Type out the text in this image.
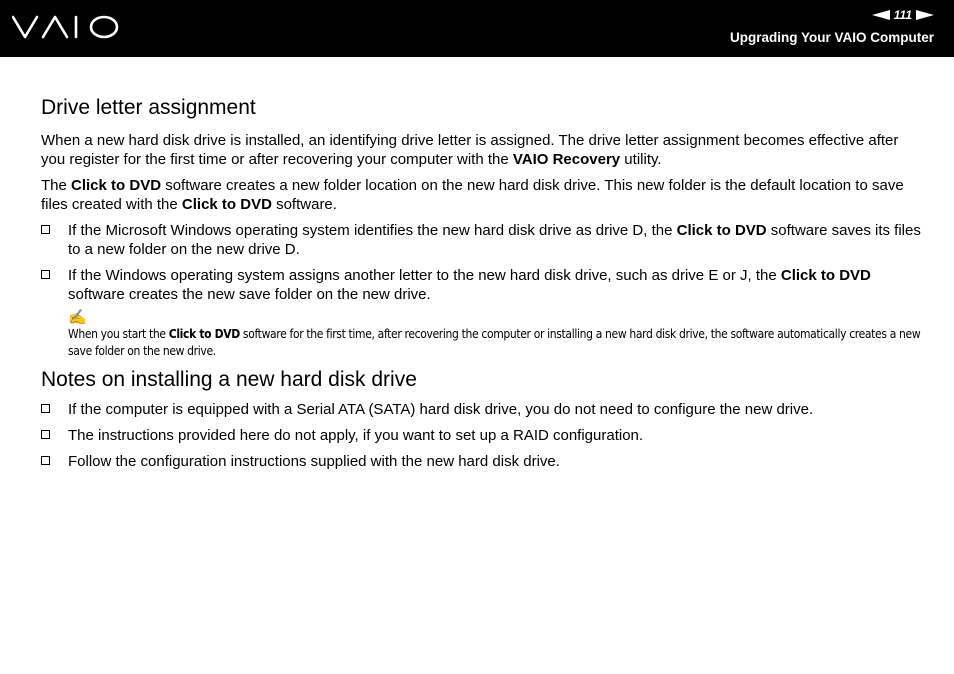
111
Upgrading Your VAIO Computer
Drive letter assignment

When a new hard disk drive is installed, an identifying drive letter is assigned. The drive letter assignment becomes effective after you register for the first time or after recovering your computer with the VAIO Recovery utility.

The Click to DVD software creates a new folder location on the new hard disk drive. This new folder is the default location to save files created with the Click to DVD software.

If the Microsoft Windows operating system identifies the new hard disk drive as drive D, the Click to DVD software saves its files to a new folder on the new drive D.
If the Windows operating system assigns another letter to the new hard disk drive, such as drive E or J, the Click to DVD software creates the new save folder on the new drive.
✍
When you start the Click to DVD software for the first time, after recovering the computer or installing a new hard disk drive, the software automatically creates a new save folder on the new drive.
Notes on installing a new hard disk drive
If the computer is equipped with a Serial ATA (SATA) hard disk drive, you do not need to configure the new drive.
The instructions provided here do not apply, if you want to set up a RAID configuration.
Follow the configuration instructions supplied with the new hard disk drive.
